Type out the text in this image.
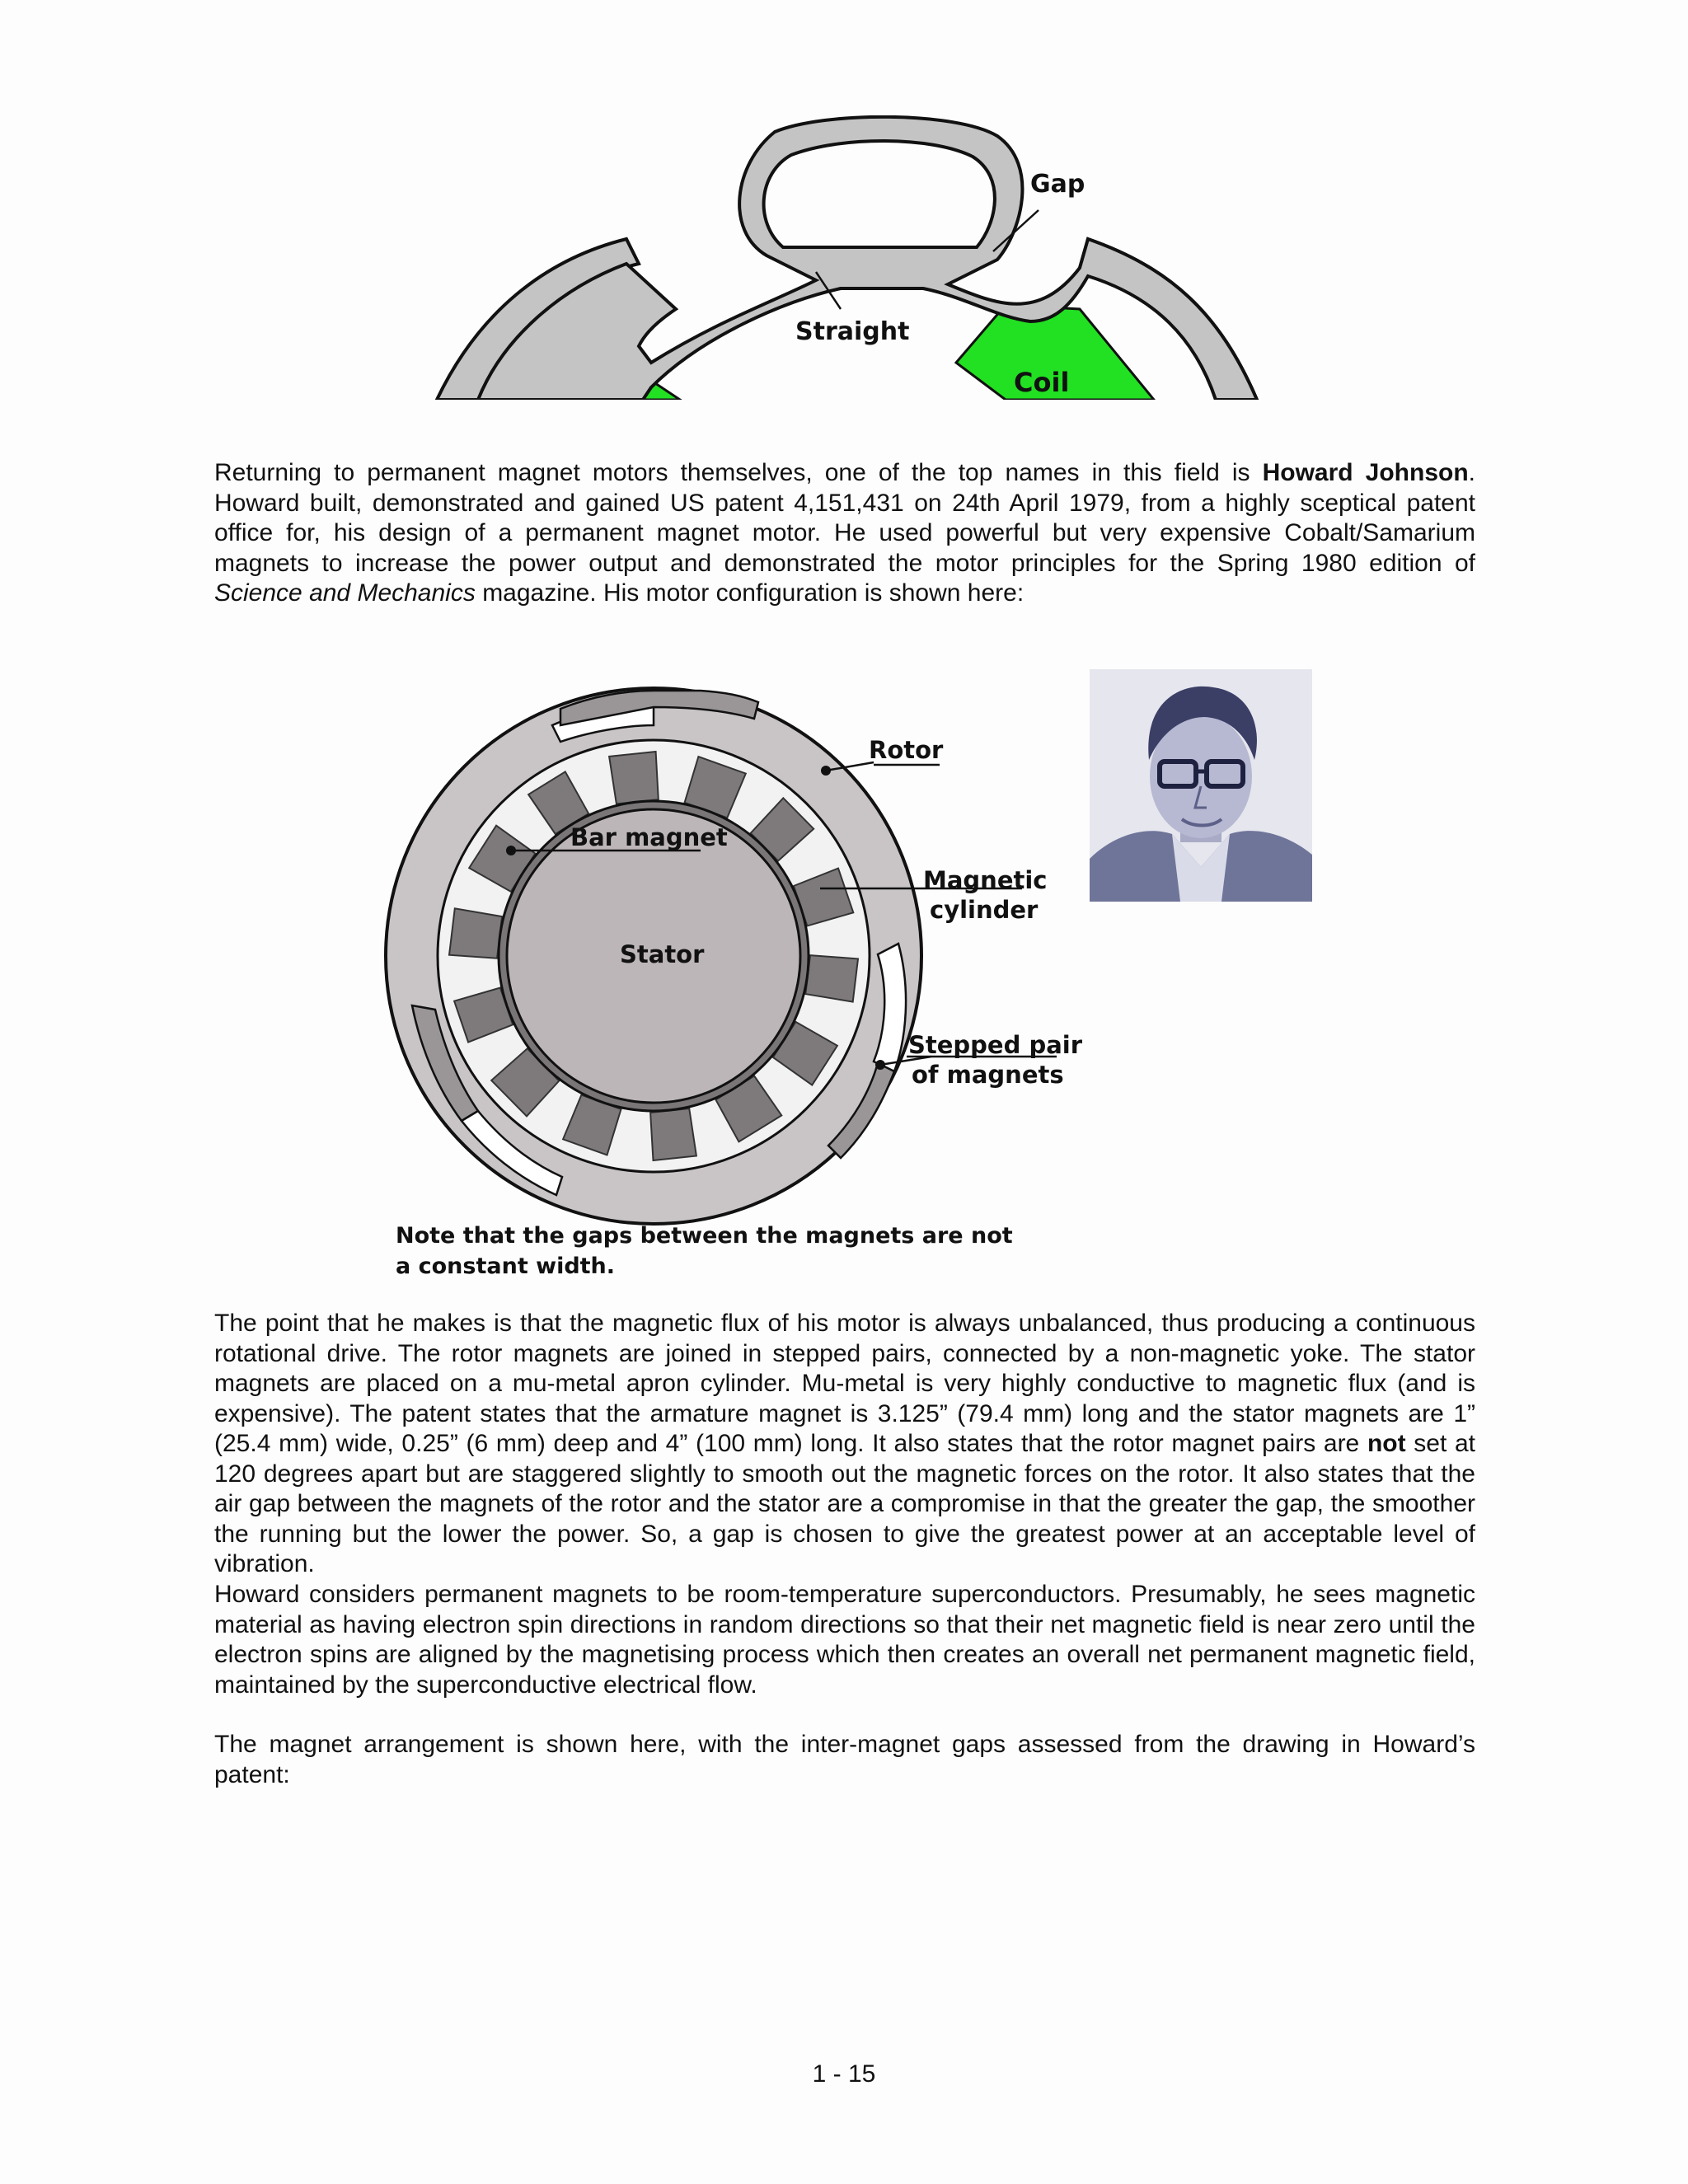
Gap
Straight
Coil

Returning to permanent magnet motors themselves, one of the top names in this field is Howard Johnson. Howard built, demonstrated and gained US patent 4,151,431 on 24th April 1979, from a highly sceptical patent office for, his design of a permanent magnet motor. He used powerful but very expensive Cobalt/Samarium magnets to increase the power output and demonstrated the motor principles for the Spring 1980 edition of Science and Mechanics magazine. His motor configuration is shown here:

Rotor
Bar magnet
Magnetic
cylinder
Stator
Stepped pair
of magnets
Note that the gaps between the magnets are not
a constant width.

The point that he makes is that the magnetic flux of his motor is always unbalanced, thus producing a continuous rotational drive. The rotor magnets are joined in stepped pairs, connected by a non-magnetic yoke. The stator magnets are placed on a mu-metal apron cylinder. Mu-metal is very highly conductive to magnetic flux (and is expensive). The patent states that the armature magnet is 3.125” (79.4 mm) long and the stator magnets are 1” (25.4 mm) wide, 0.25” (6 mm) deep and 4” (100 mm) long. It also states that the rotor magnet pairs are not set at 120 degrees apart but are staggered slightly to smooth out the magnetic forces on the rotor. It also states that the air gap between the magnets of the rotor and the stator are a compromise in that the greater the gap, the smoother the running but the lower the power. So, a gap is chosen to give the greatest power at an acceptable level of vibration.

Howard considers permanent magnets to be room-temperature superconductors. Presumably, he sees magnetic material as having electron spin directions in random directions so that their net magnetic field is near zero until the electron spins are aligned by the magnetising process which then creates an overall net permanent magnetic field, maintained by the superconductive electrical flow.

The magnet arrangement is shown here, with the inter-magnet gaps assessed from the drawing in Howard’s patent:

1 - 15
